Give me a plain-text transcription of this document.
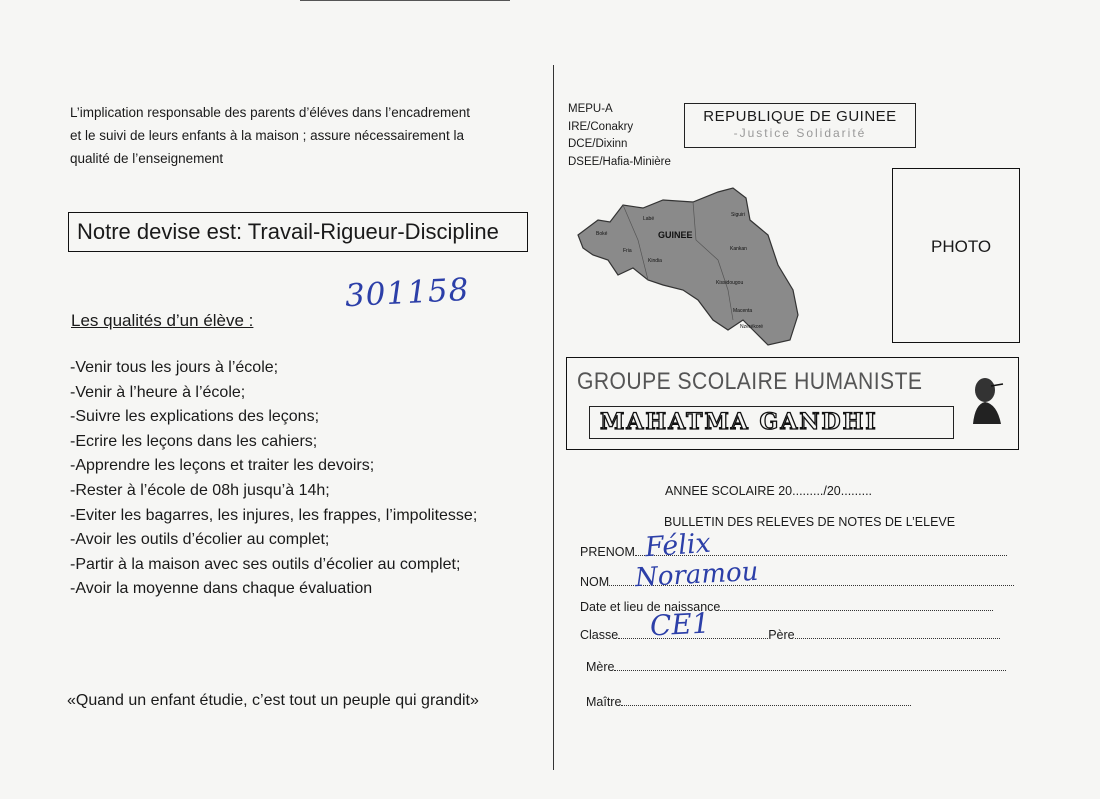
L’implication responsable des parents d’éléves dans l’encadrement
et le suivi de leurs enfants à la maison ; assure nécessairement la
qualité de l’enseignement
Notre devise est: Travail-Rigueur-Discipline
301158
Les qualités d’un élève :
-Venir tous les jours à l’école;
-Venir à l’heure à l’école;
-Suivre les explications des leçons;
-Ecrire les leçons dans les cahiers;
-Apprendre les leçons et traiter les devoirs;
-Rester à l’école de 08h jusqu’à 14h;
-Eviter les bagarres, les injures, les frappes, l’impolitesse;
-Avoir les outils d’écolier au complet;
-Partir à la maison avec ses outils d’écolier au complet;
-Avoir la moyenne dans chaque évaluation
«Quand un enfant étudie, c’est tout un peuple qui grandit»
MEPU-A
IRE/Conakry
DCE/Dixinn
DSEE/Hafia-Minière
REPUBLIQUE DE GUINEE
-Justice Solidarité
GUINEE
Boké
Labé
Siguiri
Fria	Kankan
Kindia
Kissidougou
Macenta
Nzérékoré
PHOTO
GROUPE SCOLAIRE HUMANISTE
MAHATMA GANDHI
ANNEE SCOLAIRE 20........./20.........
BULLETIN DES RELEVES DE NOTES DE L’ELEVE
PRENOM Félix
NOM Noramou
Date et lieu de naissance
Classe	Père
CE1
Mère
Maître
